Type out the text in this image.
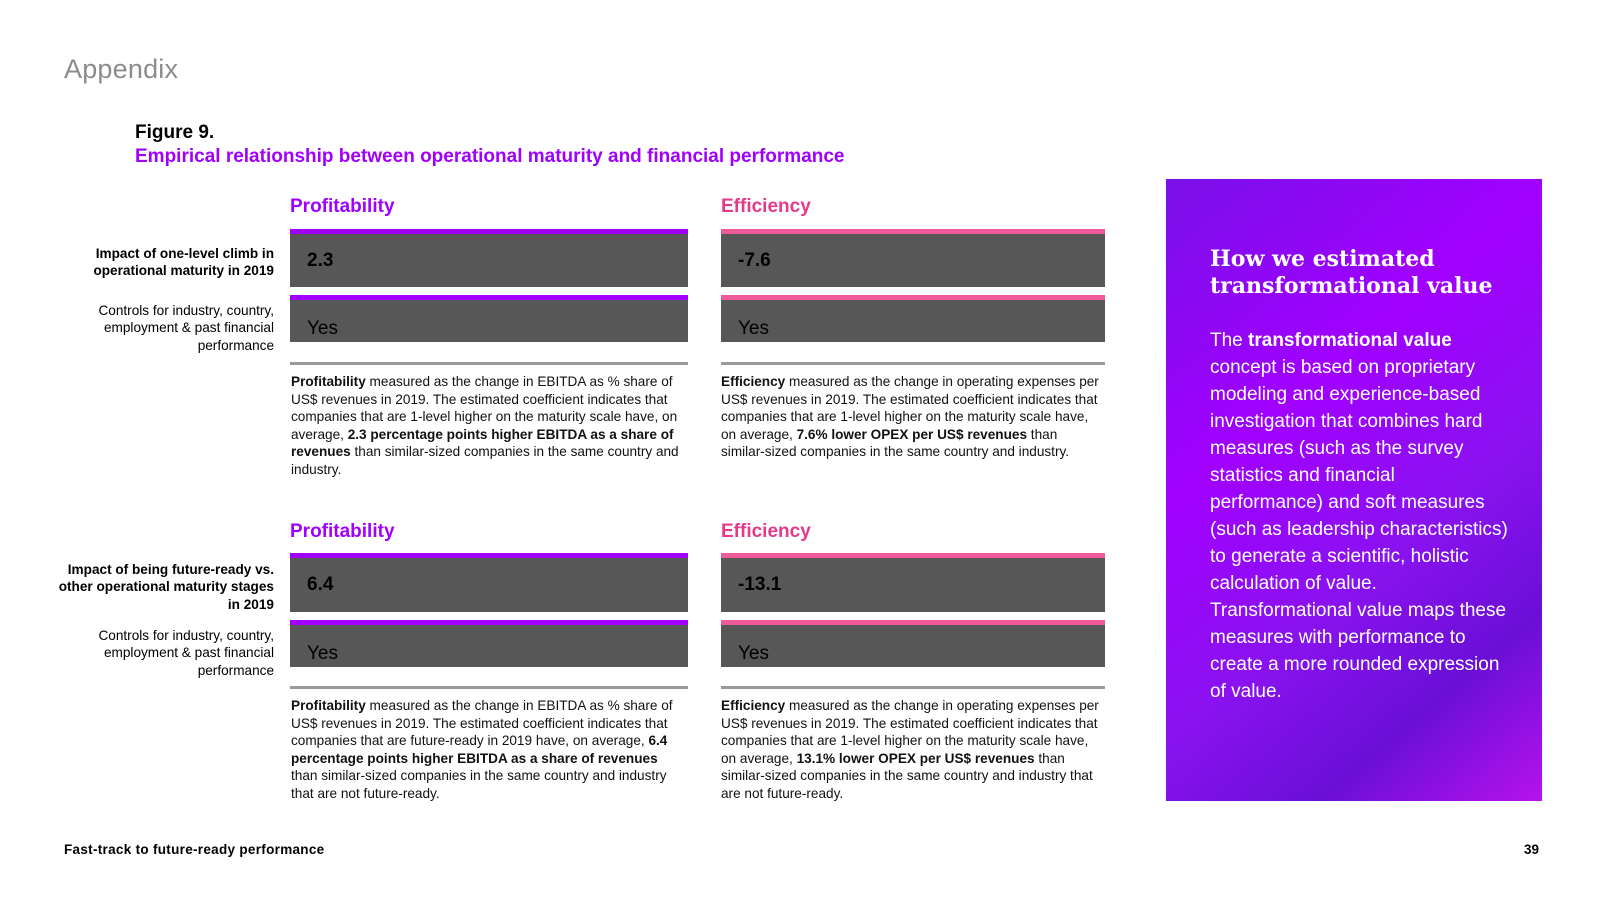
Appendix
Figure 9.
Empirical relationship between operational maturity and financial performance
Profitability	Efficiency
Impact of one-level climb in operational maturity in 2019
Controls for industry, country, employment & past financial performance
2.3	-7.6
Yes	Yes
Profitability measured as the change in EBITDA as % share of US$ revenues in 2019. The estimated coefficient indicates that companies that are 1-level higher on the maturity scale have, on average, 2.3 percentage points higher EBITDA as a share of revenues than similar-sized companies in the same country and industry.
Efficiency measured as the change in operating expenses per US$ revenues in 2019. The estimated coefficient indicates that companies that are 1-level higher on the maturity scale have, on average, 7.6% lower OPEX per US$ revenues than similar-sized companies in the same country and industry.
Profitability	Efficiency
Impact of being future-ready vs. other operational maturity stages in 2019
Controls for industry, country, employment & past financial performance
6.4	-13.1
Yes	Yes
Profitability measured as the change in EBITDA as % share of US$ revenues in 2019. The estimated coefficient indicates that companies that are future-ready in 2019 have, on average, 6.4 percentage points higher EBITDA as a share of revenues than similar-sized companies in the same country and industry that are not future-ready.
Efficiency measured as the change in operating expenses per US$ revenues in 2019. The estimated coefficient indicates that companies that are 1-level higher on the maturity scale have, on average, 13.1% lower OPEX per US$ revenues than similar-sized companies in the same country and industry that are not future-ready.
How we estimated transformational value
The transformational value concept is based on proprietary modeling and experience-based investigation that combines hard measures (such as the survey statistics and financial performance) and soft measures (such as leadership characteristics) to generate a scientific, holistic calculation of value. Transformational value maps these measures with performance to create a more rounded expression of value.
Fast-track to future-ready performance	39
